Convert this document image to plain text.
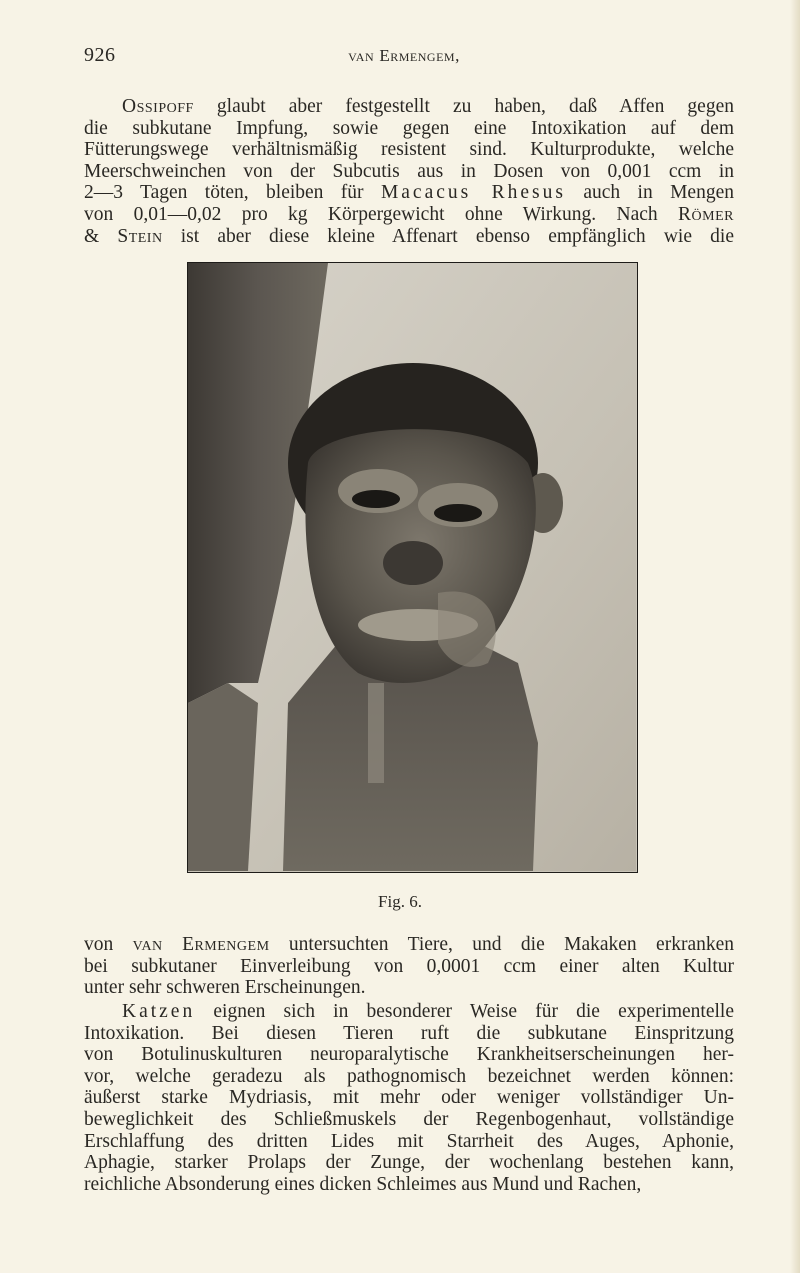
926	van Ermengem,

Ossipoff glaubt aber festgestellt zu haben, daß Affen gegen
die subkutane Impfung, sowie gegen eine Intoxikation auf dem
Fütterungswege verhältnismäßig resistent sind. Kulturprodukte, welche
Meerschweinchen von der Subcutis aus in Dosen von 0,001 ccm in
2—3 Tagen töten, bleiben für Macacus Rhesus auch in Mengen
von 0,01—0,02 pro kg Körpergewicht ohne Wirkung. Nach Römer
& Stein ist aber diese kleine Affenart ebenso empfänglich wie die

Fig. 6.

von van Ermengem untersuchten Tiere, und die Makaken erkranken
bei subkutaner Einverleibung von 0,0001 ccm einer alten Kultur
unter sehr schweren Erscheinungen.

Katzen eignen sich in besonderer Weise für die experimentelle
Intoxikation. Bei diesen Tieren ruft die subkutane Einspritzung
von Botulinuskulturen neuroparalytische Krankheitserscheinungen her-
vor, welche geradezu als pathognomisch bezeichnet werden können:
äußerst starke Mydriasis, mit mehr oder weniger vollständiger Un-
beweglichkeit des Schließmuskels der Regenbogenhaut, vollständige
Erschlaffung des dritten Lides mit Starrheit des Auges, Aphonie,
Aphagie, starker Prolaps der Zunge, der wochenlang bestehen kann,
reichliche Absonderung eines dicken Schleimes aus Mund und Rachen,
